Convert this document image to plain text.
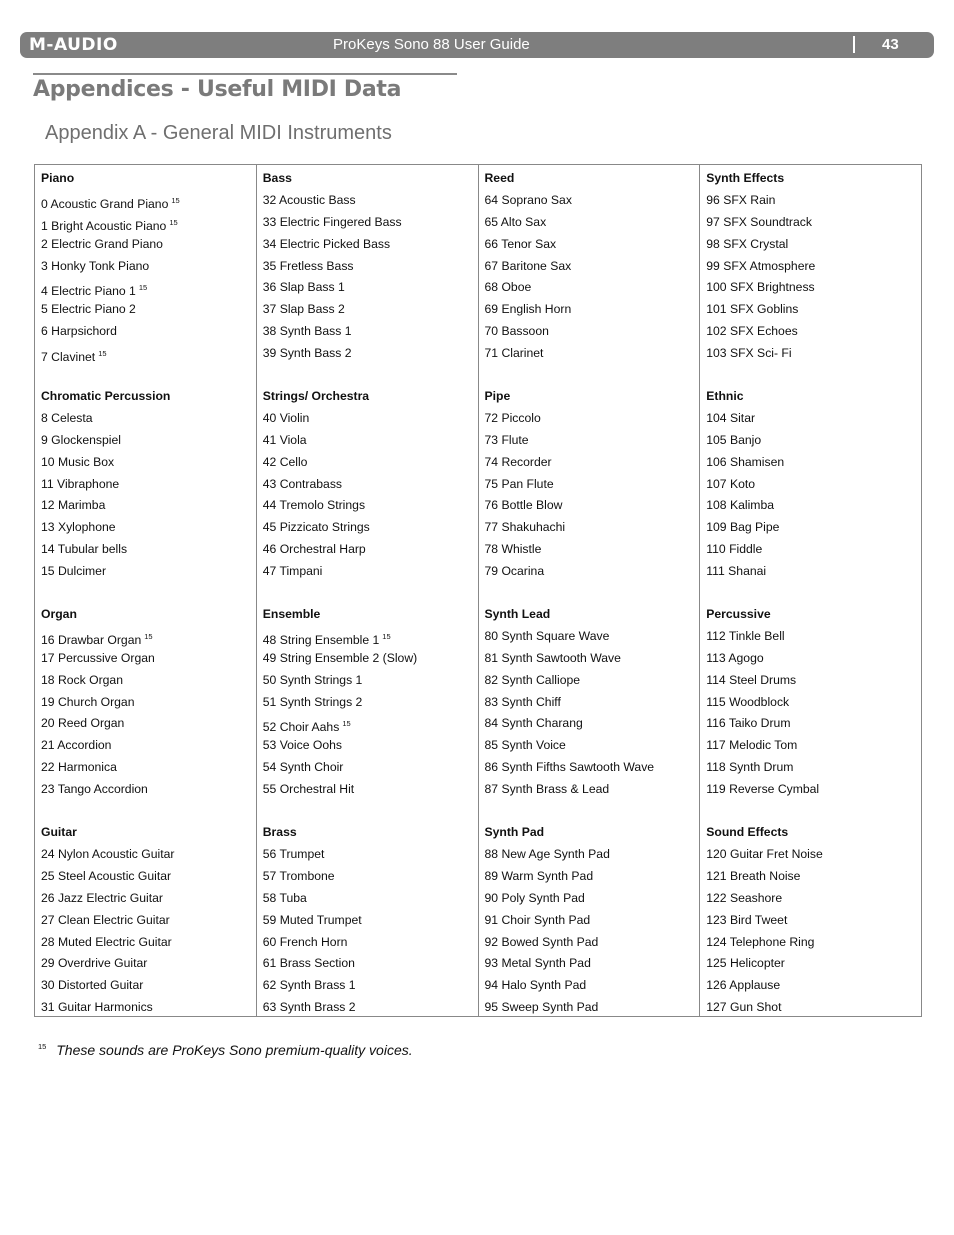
M-AUDIO	ProKeys Sono 88 User Guide	43
Appendices - Useful MIDI Data
Appendix A - General MIDI Instruments
Piano
0 Acoustic Grand Piano $^{15}$
1 Bright Acoustic Piano $^{15}$
2 Electric Grand Piano
3 Honky Tonk Piano
4 Electric Piano 1 $^{15}$
5 Electric Piano 2
6 Harpsichord
7 Clavinet $^{15}$
Chromatic Percussion
8 Celesta
9 Glockenspiel
10 Music Box
11 Vibraphone
12 Marimba
13 Xylophone
14 Tubular bells
15 Dulcimer
Organ
16 Drawbar Organ $^{15}$
17 Percussive Organ
18 Rock Organ
19 Church Organ
20 Reed Organ
21 Accordion
22 Harmonica
23 Tango Accordion
Guitar
24 Nylon Acoustic Guitar
25 Steel Acoustic Guitar
26 Jazz Electric Guitar
27 Clean Electric Guitar
28 Muted Electric Guitar
29 Overdrive Guitar
30 Distorted Guitar
31 Guitar Harmonics
Bass
32 Acoustic Bass
33 Electric Fingered Bass
34 Electric Picked Bass
35 Fretless Bass
36 Slap Bass 1
37 Slap Bass 2
38 Synth Bass 1
39 Synth Bass 2
Strings/ Orchestra
40 Violin
41 Viola
42 Cello
43 Contrabass
44 Tremolo Strings
45 Pizzicato Strings
46 Orchestral Harp
47 Timpani
Ensemble
48 String Ensemble 1 $^{15}$
49 String Ensemble 2 (Slow)
50 Synth Strings 1
51 Synth Strings 2
52 Choir Aahs $^{15}$
53 Voice Oohs
54 Synth Choir
55 Orchestral Hit
Brass
56 Trumpet
57 Trombone
58 Tuba
59 Muted Trumpet
60 French Horn
61 Brass Section
62 Synth Brass 1
63 Synth Brass 2
Reed
64 Soprano Sax
65 Alto Sax
66 Tenor Sax
67 Baritone Sax
68 Oboe
69 English Horn
70 Bassoon
71 Clarinet
Pipe
72 Piccolo
73 Flute
74 Recorder
75 Pan Flute
76 Bottle Blow
77 Shakuhachi
78 Whistle
79 Ocarina
Synth Lead
80 Synth Square Wave
81 Synth Sawtooth Wave
82 Synth Calliope
83 Synth Chiff
84 Synth Charang
85 Synth Voice
86 Synth Fifths Sawtooth Wave
87 Synth Brass & Lead
Synth Pad
88 New Age Synth Pad
89 Warm Synth Pad
90 Poly Synth Pad
91 Choir Synth Pad
92 Bowed Synth Pad
93 Metal Synth Pad
94 Halo Synth Pad
95 Sweep Synth Pad
Synth Effects
96 SFX Rain
97 SFX Soundtrack
98 SFX Crystal
99 SFX Atmosphere
100 SFX Brightness
101 SFX Goblins
102 SFX Echoes
103 SFX Sci- Fi
Ethnic
104 Sitar
105 Banjo
106 Shamisen
107 Koto
108 Kalimba
109 Bag Pipe
110 Fiddle
111 Shanai
Percussive
112 Tinkle Bell
113 Agogo
114 Steel Drums
115 Woodblock
116 Taiko Drum
117 Melodic Tom
118 Synth Drum
119 Reverse Cymbal
Sound Effects
120 Guitar Fret Noise
121 Breath Noise
122 Seashore
123 Bird Tweet
124 Telephone Ring
125 Helicopter
126 Applause
127 Gun Shot
$^{15}$ These sounds are ProKeys Sono premium-quality voices.
